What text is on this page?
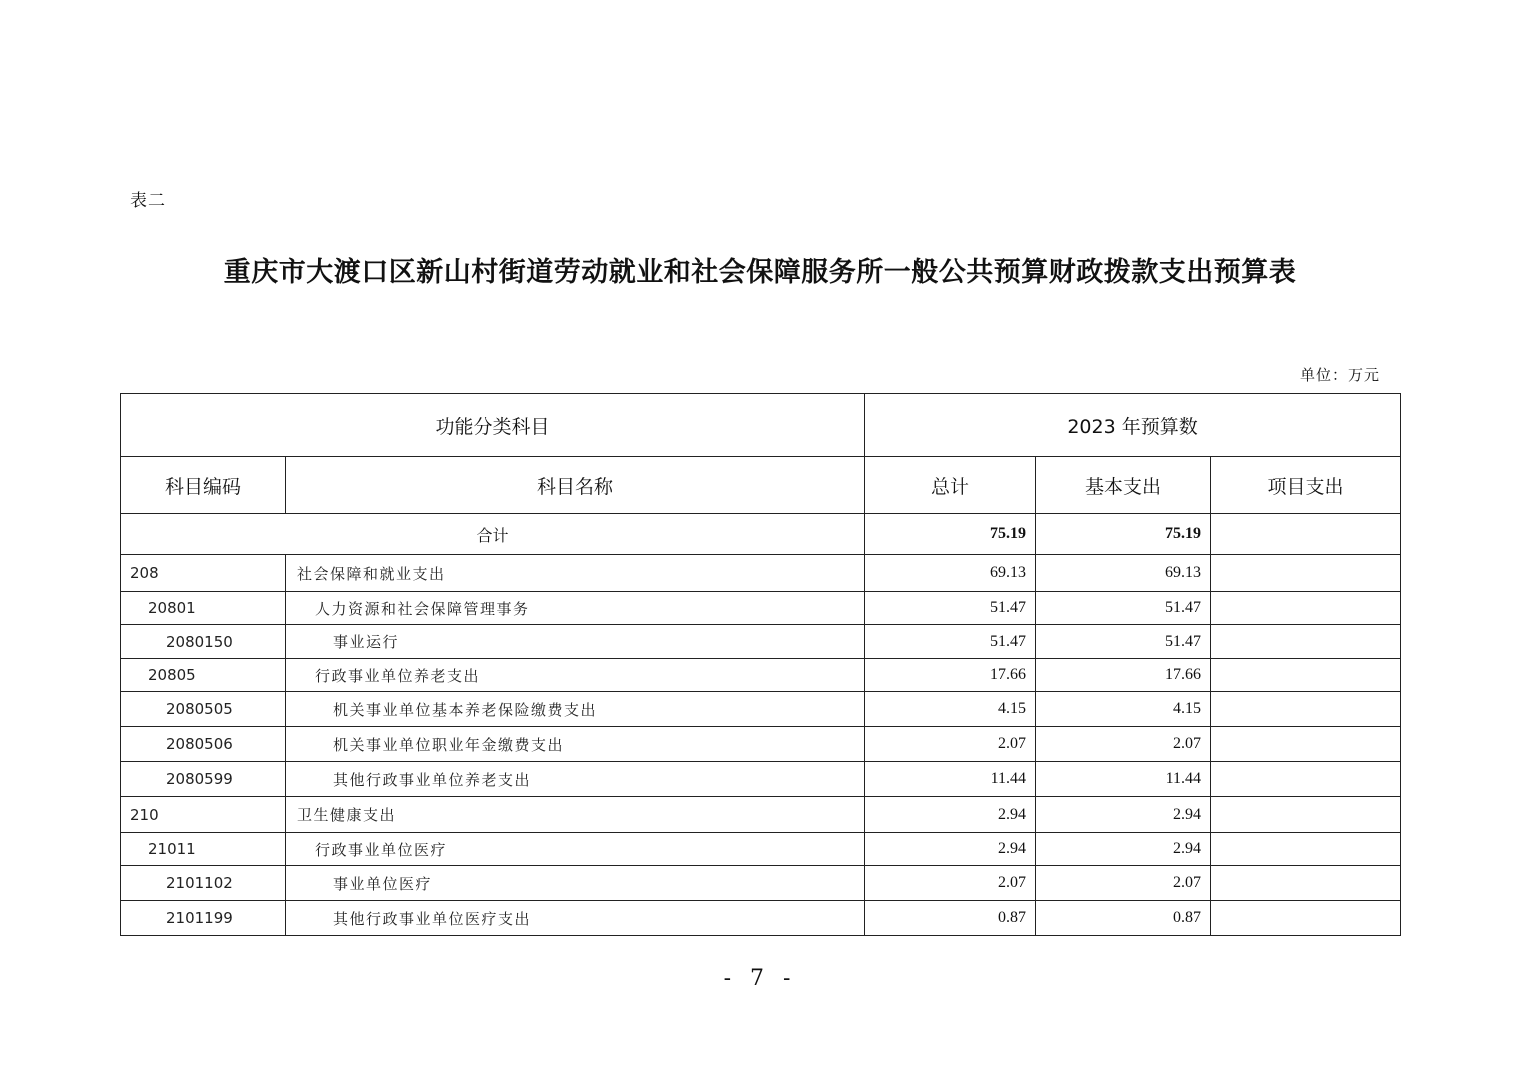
表二
重庆市大渡口区新山村街道劳动就业和社会保障服务所一般公共预算财政拨款支出预算表
单位：万元
功能分类科目		2023 年预算数		
科目编码	科目名称	总计	基本支出	项目支出
合计		75.19	75.19	
208	社会保障和就业支出	69.13	69.13	
20801	人力资源和社会保障管理事务	51.47	51.47	
2080150	事业运行	51.47	51.47	
20805	行政事业单位养老支出	17.66	17.66	
2080505	机关事业单位基本养老保险缴费支出	4.15	4.15	
2080506	机关事业单位职业年金缴费支出	2.07	2.07	
2080599	其他行政事业单位养老支出	11.44	11.44	
210	卫生健康支出	2.94	2.94	
21011	行政事业单位医疗	2.94	2.94	
2101102	事业单位医疗	2.07	2.07	
2101199	其他行政事业单位医疗支出	0.87	0.87	
- 7 -
